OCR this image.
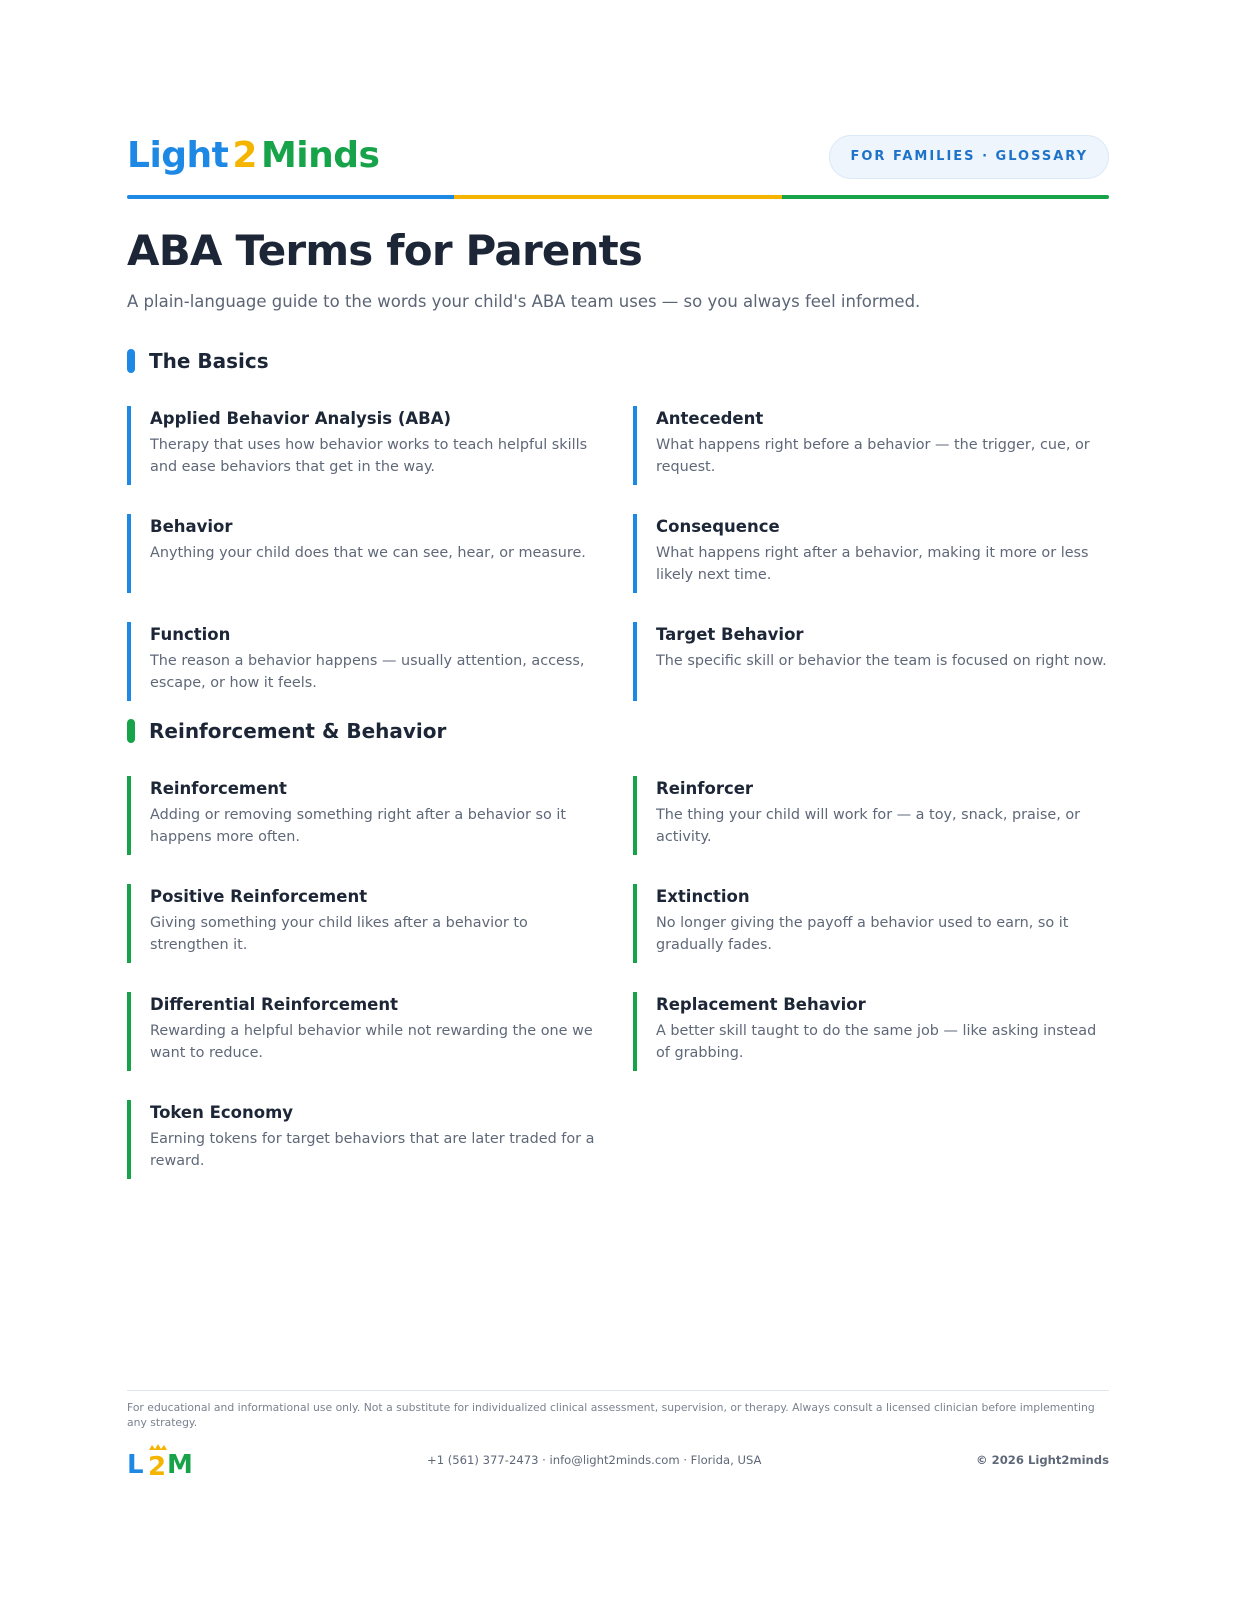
Light 2 Minds	FOR FAMILIES · GLOSSARY
ABA Terms for Parents

A plain-language guide to the words your child's ABA team uses — so you always feel informed.

The Basics
Applied Behavior Analysis (ABA)
Therapy that uses how behavior works to teach helpful skills and ease behaviors that get in the way.
Antecedent
What happens right before a behavior — the trigger, cue, or request.
Behavior
Anything your child does that we can see, hear, or measure.
Consequence
What happens right after a behavior, making it more or less likely next time.
Function
The reason a behavior happens — usually attention, access, escape, or how it feels.
Target Behavior
The specific skill or behavior the team is focused on right now.
Reinforcement & Behavior
Reinforcement
Adding or removing something right after a behavior so it happens more often.
Reinforcer
The thing your child will work for — a toy, snack, praise, or activity.
Positive Reinforcement
Giving something your child likes after a behavior to strengthen it.
Extinction
No longer giving the payoff a behavior used to earn, so it gradually fades.
Differential Reinforcement
Rewarding a helpful behavior while not rewarding the one we want to reduce.
Replacement Behavior
A better skill taught to do the same job — like asking instead of grabbing.
Token Economy
Earning tokens for target behaviors that are later traded for a reward.

For educational and informational use only. Not a substitute for individualized clinical assessment, supervision, or therapy. Always consult a licensed clinician before implementing any strategy.

L 2 M	+1 (561) 377-2473 · info@light2minds.com · Florida, USA	© 2026 Light2minds
